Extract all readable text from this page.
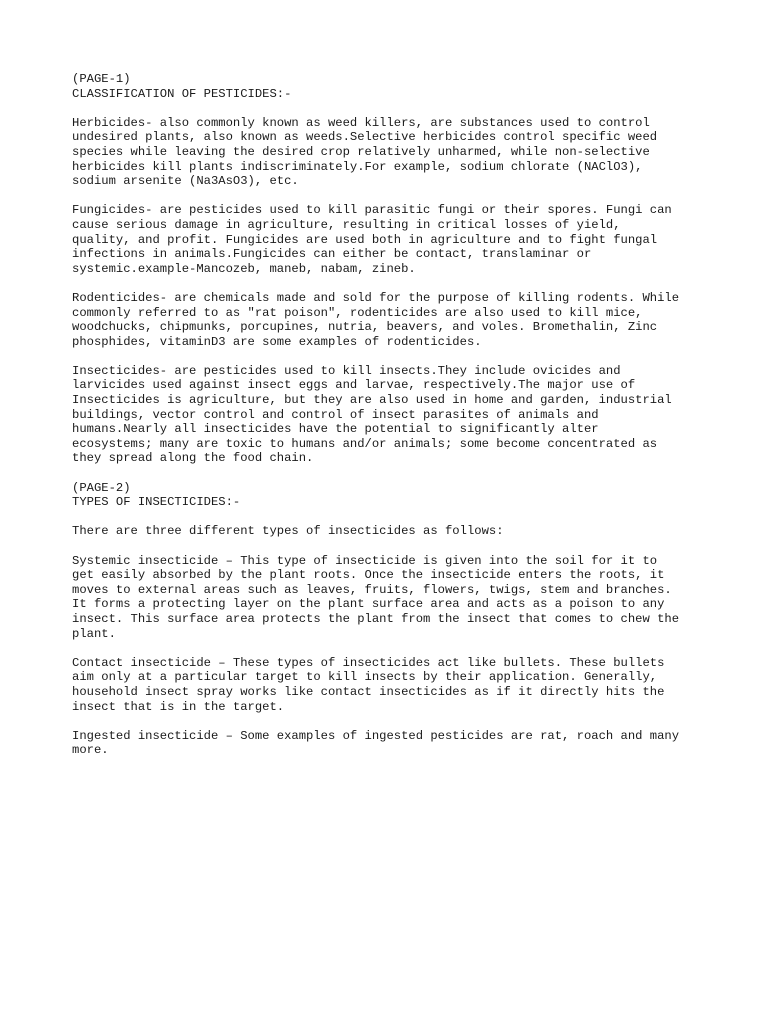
(PAGE-1)
CLASSIFICATION OF PESTICIDES:-
Herbicides- also commonly known as weed killers, are substances used to control
undesired plants, also known as weeds.Selective herbicides control specific weed
species while leaving the desired crop relatively unharmed, while non-selective
herbicides kill plants indiscriminately.For example, sodium chlorate (NAClO3),
sodium arsenite (Na3AsO3), etc.
Fungicides- are pesticides used to kill parasitic fungi or their spores. Fungi can
cause serious damage in agriculture, resulting in critical losses of yield,
quality, and profit. Fungicides are used both in agriculture and to fight fungal
infections in animals.Fungicides can either be contact, translaminar or
systemic.example-Mancozeb, maneb, nabam, zineb.
Rodenticides- are chemicals made and sold for the purpose of killing rodents. While
commonly referred to as "rat poison", rodenticides are also used to kill mice,
woodchucks, chipmunks, porcupines, nutria, beavers, and voles. Bromethalin, Zinc
phosphides, vitaminD3 are some examples of rodenticides.
Insecticides- are pesticides used to kill insects.They include ovicides and
larvicides used against insect eggs and larvae, respectively.The major use of
Insecticides is agriculture, but they are also used in home and garden, industrial
buildings, vector control and control of insect parasites of animals and
humans.Nearly all insecticides have the potential to significantly alter
ecosystems; many are toxic to humans and/or animals; some become concentrated as
they spread along the food chain.
(PAGE-2)
TYPES OF INSECTICIDES:-
There are three different types of insecticides as follows:
Systemic insecticide – This type of insecticide is given into the soil for it to
get easily absorbed by the plant roots. Once the insecticide enters the roots, it
moves to external areas such as leaves, fruits, flowers, twigs, stem and branches.
It forms a protecting layer on the plant surface area and acts as a poison to any
insect. This surface area protects the plant from the insect that comes to chew the
plant.
Contact insecticide – These types of insecticides act like bullets. These bullets
aim only at a particular target to kill insects by their application. Generally,
household insect spray works like contact insecticides as if it directly hits the
insect that is in the target.
Ingested insecticide – Some examples of ingested pesticides are rat, roach and many
more.
